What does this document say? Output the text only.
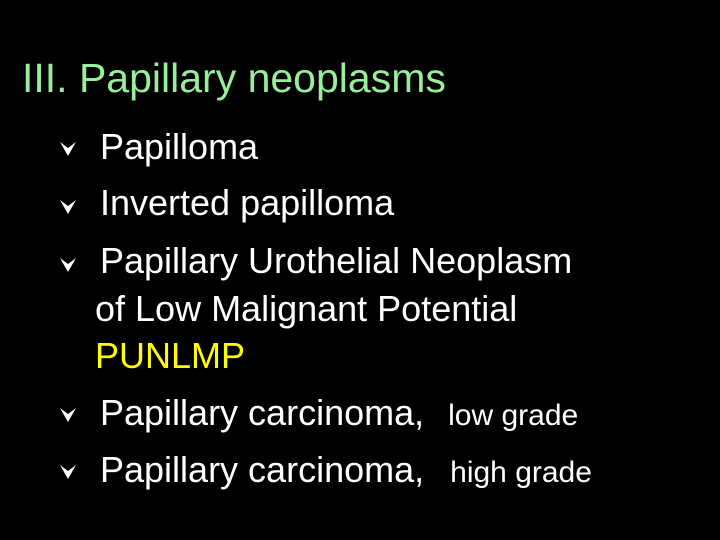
III. Papillary neoplasms
Papilloma
Inverted papilloma
Papillary Urothelial Neoplasm
of Low Malignant Potential
PUNLMP
Papillary carcinoma, low grade
Papillary carcinoma, high grade
